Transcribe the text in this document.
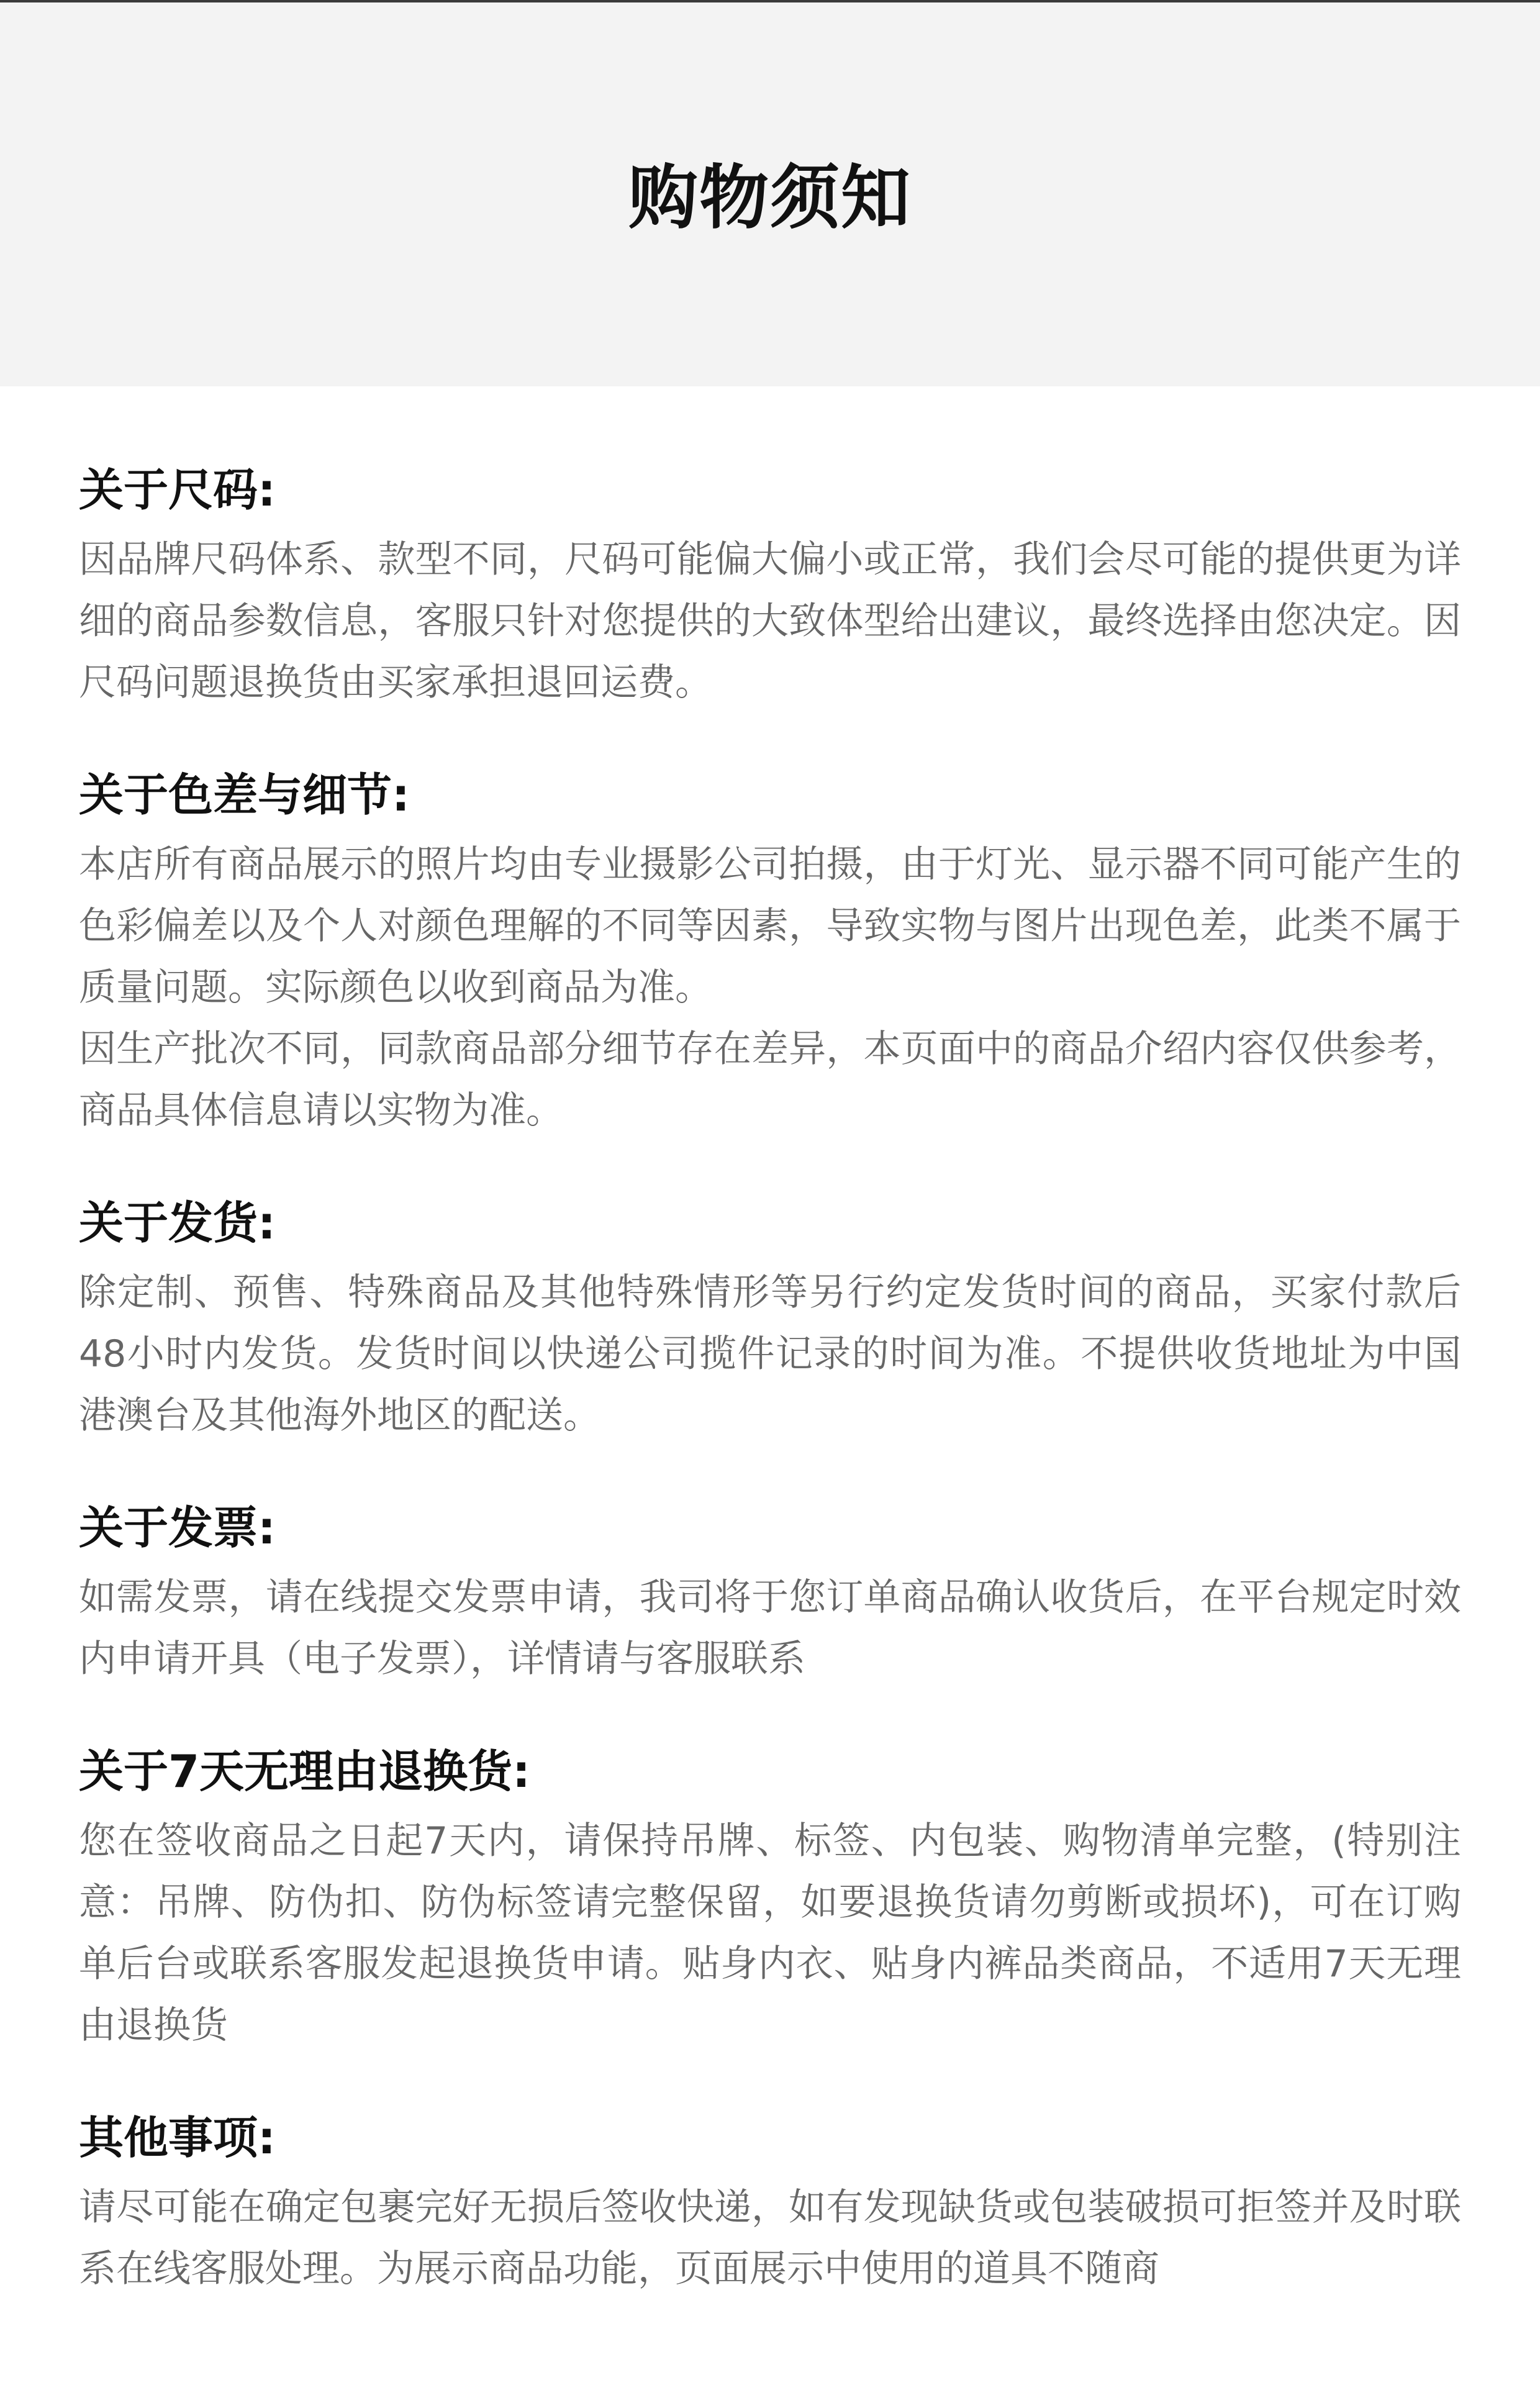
购物须知
关于尺码:

因品牌尺码体系、款型不同，尺码可能偏大偏小或正常，我们会尽可能的提供更为详细的商品参数信息，客服只针对您提供的大致体型给出建议，最终选择由您决定。因尺码问题退换货由买家承担退回运费。

关于色差与细节:

本店所有商品展示的照片均由专业摄影公司拍摄，由于灯光、显示器不同可能产生的色彩偏差以及个人对颜色理解的不同等因素，导致实物与图片出现色差，此类不属于质量问题。实际颜色以收到商品为准。

因生产批次不同，同款商品部分细节存在差异，本页面中的商品介绍内容仅供参考，商品具体信息请以实物为准。

关于发货:

除定制、预售、特殊商品及其他特殊情形等另行约定发货时间的商品，买家付款后48小时内发货。发货时间以快递公司揽件记录的时间为准。不提供收货地址为中国港澳台及其他海外地区的配送。

关于发票:

如需发票，请在线提交发票申请，我司将于您订单商品确认收货后，在平台规定时效内申请开具（电子发票），详情请与客服联系

关于7天无理由退换货:

您在签收商品之日起7天内，请保持吊牌、标签、内包装、购物清单完整，(特别注意：吊牌、防伪扣、防伪标签请完整保留，如要退换货请勿剪断或损坏)，可在订购单后台或联系客服发起退换货申请。贴身内衣、贴身内裤品类商品，不适用7天无理由退换货

其他事项:

请尽可能在确定包裹完好无损后签收快递，如有发现缺货或包装破损可拒签并及时联系在线客服处理。为展示商品功能，页面展示中使用的道具不随商
